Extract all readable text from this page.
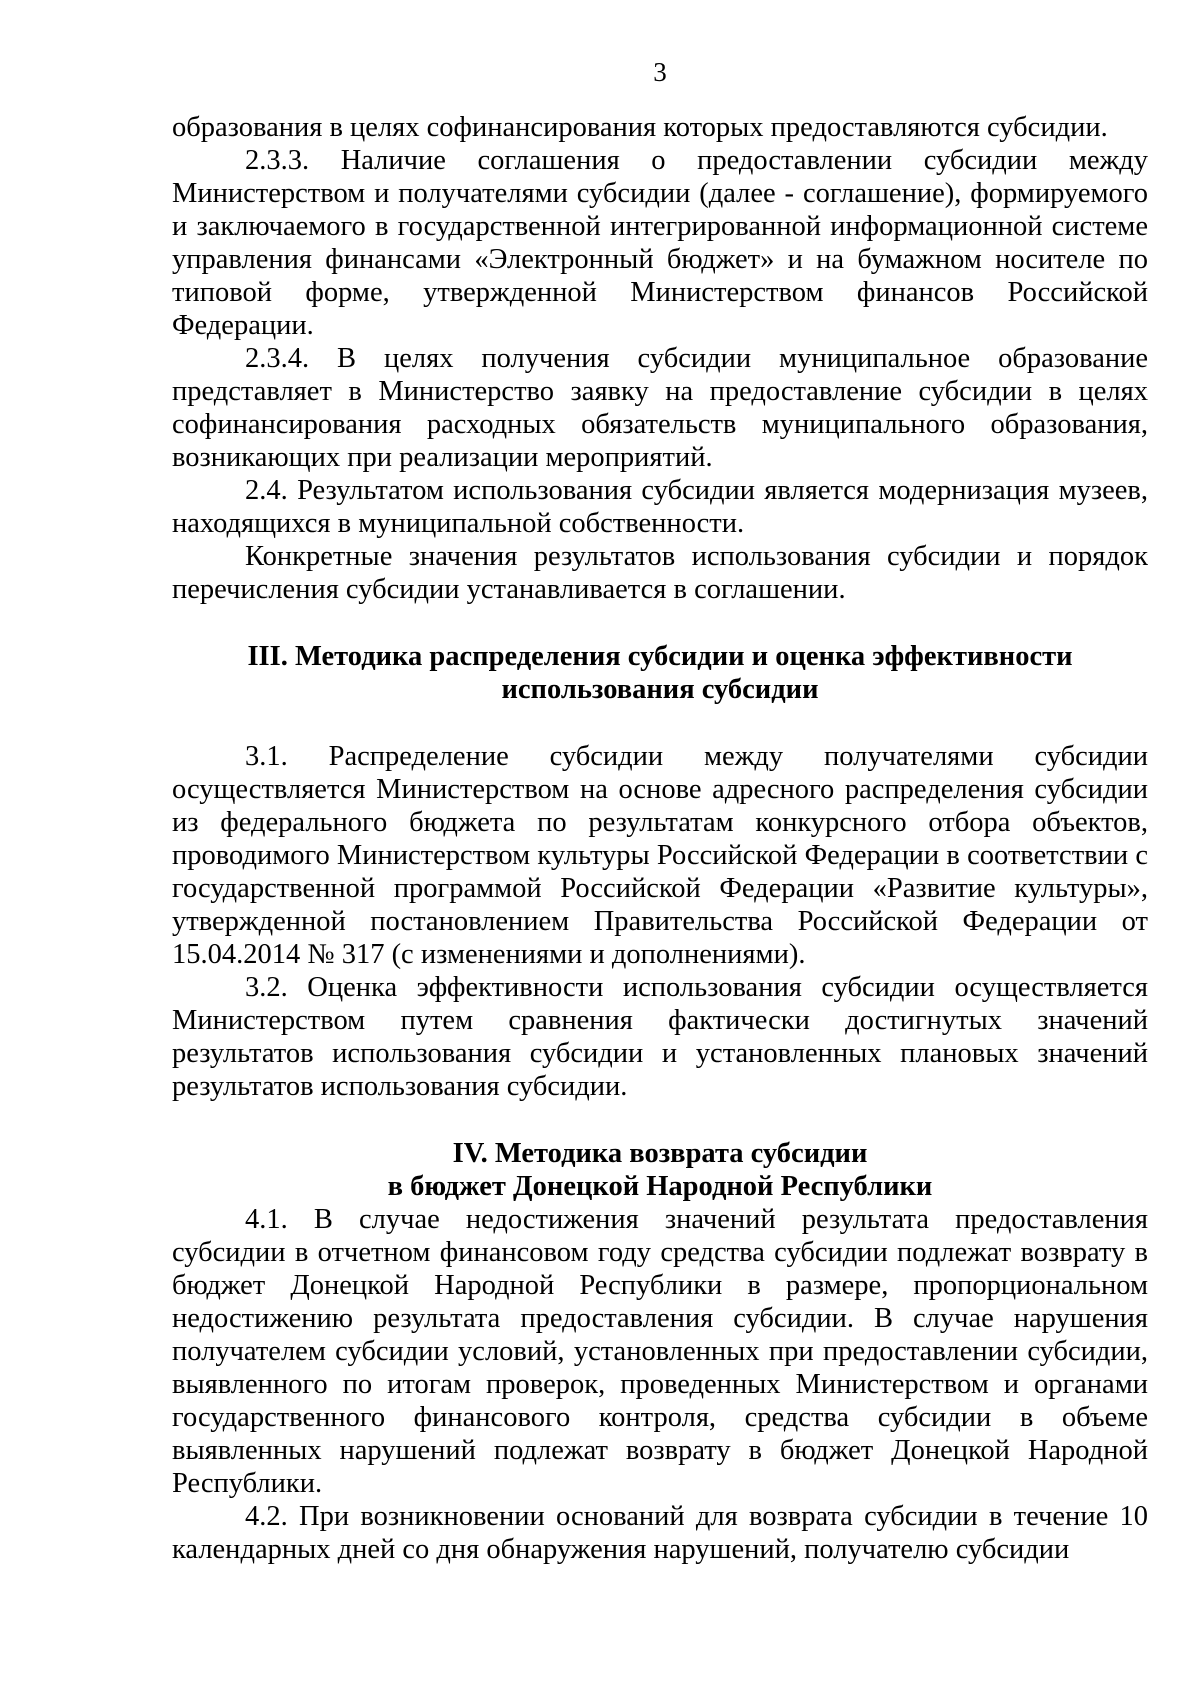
3

образования в целях софинансирования которых предоставляются субсидии.

2.3.3. Наличие соглашения о предоставлении субсидии между Министерством и получателями субсидии (далее - соглашение), формируемого и заключаемого в государственной интегрированной информационной системе управления финансами «Электронный бюджет» и на бумажном носителе по типовой форме, утвержденной Министерством финансов Российской Федерации.

2.3.4. В целях получения субсидии муниципальное образование представляет в Министерство заявку на предоставление субсидии в целях софинансирования расходных обязательств муниципального образования, возникающих при реализации мероприятий.

2.4. Результатом использования субсидии является модернизация музеев, находящихся в муниципальной собственности.

Конкретные значения результатов использования субсидии и порядок перечисления субсидии устанавливается в соглашении.

III. Методика распределения субсидии и оценка эффективности

использования субсидии

3.1. Распределение субсидии между получателями субсидии осуществляется Министерством на основе адресного распределения субсидии из федерального бюджета по результатам конкурсного отбора объектов, проводимого Министерством культуры Российской Федерации в соответствии с государственной программой Российской Федерации «Развитие культуры», утвержденной постановлением Правительства Российской Федерации от 15.04.2014 № 317 (с изменениями и дополнениями).

3.2. Оценка эффективности использования субсидии осуществляется Министерством путем сравнения фактически достигнутых значений результатов использования субсидии и установленных плановых значений результатов использования субсидии.

IV. Методика возврата субсидии

в бюджет Донецкой Народной Республики

4.1. В случае недостижения значений результата предоставления субсидии в отчетном финансовом году средства субсидии подлежат возврату в бюджет Донецкой Народной Республики в размере, пропорциональном недостижению результата предоставления субсидии. В случае нарушения получателем субсидии условий, установленных при предоставлении субсидии, выявленного по итогам проверок, проведенных Министерством и органами государственного финансового контроля, средства субсидии в объеме выявленных нарушений подлежат возврату в бюджет Донецкой Народной Республики.

4.2. При возникновении оснований для возврата субсидии в течение 10 календарных дней со дня обнаружения нарушений, получателю субсидии
